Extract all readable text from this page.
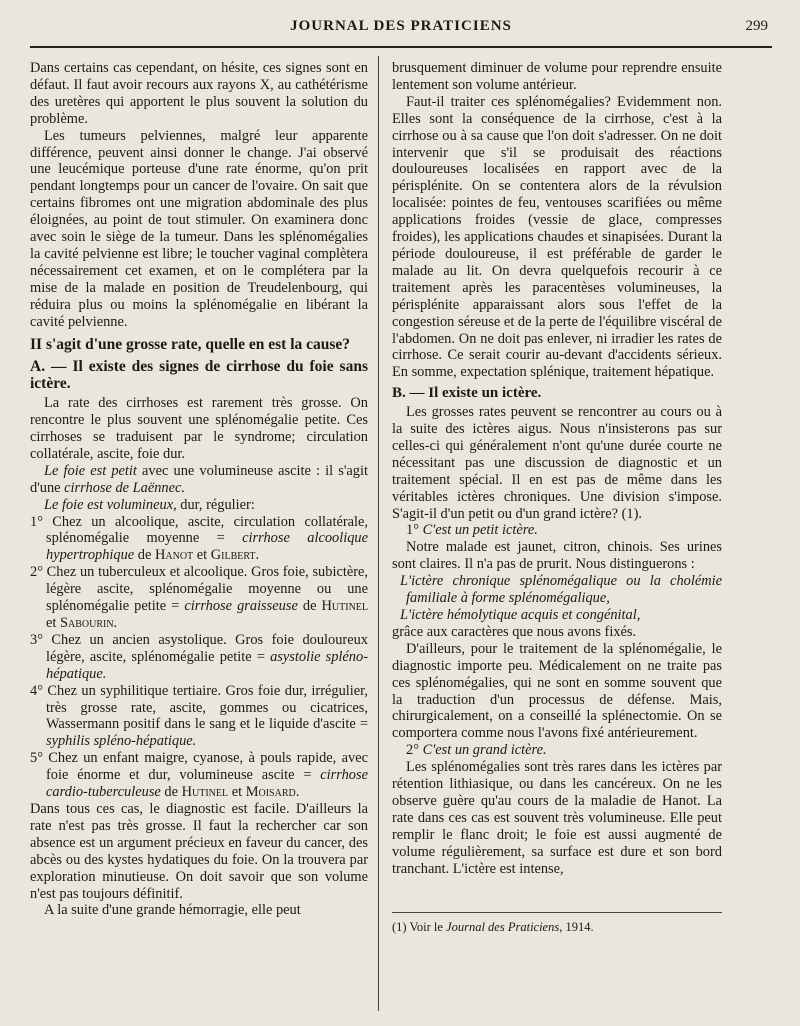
JOURNAL DES PRATICIENS	299

Dans certains cas cependant, on hésite, ces signes sont en défaut. Il faut avoir recours aux rayons X, au cathétérisme des uretères qui apportent le plus souvent la solution du problème.

Les tumeurs pelviennes, malgré leur apparente différence, peuvent ainsi donner le change. J'ai observé une leucémique porteuse d'une rate énorme, qu'on prit pendant longtemps pour un cancer de l'ovaire. On sait que certains fibromes ont une migration abdominale des plus éloignées, au point de tout stimuler. On examinera donc avec soin le siège de la tumeur. Dans les splénomégalies la cavité pelvienne est libre; le toucher vaginal complètera nécessairement cet examen, et on le complétera par la mise de la malade en position de Treudelenbourg, qui réduira plus ou moins la splénomégalie en libérant la cavité pelvienne.

II s'agit d'une grosse rate, quelle en est la cause?

A. — Il existe des signes de cirrhose du foie sans ictère.

La rate des cirrhoses est rarement très grosse. On rencontre le plus souvent une splénomégalie petite. Ces cirrhoses se traduisent par le syndrome; circulation collatérale, ascite, foie dur.

Le foie est petit avec une volumineuse ascite : il s'agit d'une cirrhose de Laënnec.

Le foie est volumineux, dur, régulier:

1° Chez un alcoolique, ascite, circulation collatérale, splénomégalie moyenne = cirrhose alcoolique hypertrophique de Hanot et Gilbert.

2° Chez un tuberculeux et alcoolique. Gros foie, subictère, légère ascite, splénomégalie moyenne ou une splénomégalie petite = cirrhose graisseuse de Hutinel et Sabourin.

3° Chez un ancien asystolique. Gros foie douloureux légère, ascite, splénomégalie petite = asystolie spléno-hépatique.

4° Chez un syphilitique tertiaire. Gros foie dur, irrégulier, très grosse rate, ascite, gommes ou cicatrices, Wassermann positif dans le sang et le liquide d'ascite = syphilis spléno-hépatique.

5° Chez un enfant maigre, cyanose, à pouls rapide, avec foie énorme et dur, volumineuse ascite = cirrhose cardio-tuberculeuse de Hutinel et Moisard.

Dans tous ces cas, le diagnostic est facile. D'ailleurs la rate n'est pas très grosse. Il faut la rechercher car son absence est un argument précieux en faveur du cancer, des abcès ou des kystes hydatiques du foie. On la trouvera par exploration minutieuse. On doit savoir que son volume n'est pas toujours définitif.

A la suite d'une grande hémorragie, elle peut

brusquement diminuer de volume pour reprendre ensuite lentement son volume antérieur.

Faut-il traiter ces splénomégalies? Evidemment non. Elles sont la conséquence de la cirrhose, c'est à la cirrhose ou à sa cause que l'on doit s'adresser. On ne doit intervenir que s'il se produisait des réactions douloureuses localisées en rapport avec de la périsplénite. On se contentera alors de la révulsion localisée: pointes de feu, ventouses scarifiées ou même applications froides (vessie de glace, compresses froides), les applications chaudes et sinapisées. Durant la période douloureuse, il est préférable de garder le malade au lit. On devra quelquefois recourir à ce traitement après les paracentèses volumineuses, la périsplénite apparaissant alors sous l'effet de la congestion séreuse et de la perte de l'équilibre viscéral de l'abdomen. On ne doit pas enlever, ni irradier les rates de cirrhose. Ce serait courir au-devant d'accidents sérieux. En somme, expectation splénique, traitement hépatique.

B. — Il existe un ictère.

Les grosses rates peuvent se rencontrer au cours ou à la suite des ictères aigus. Nous n'insisterons pas sur celles-ci qui généralement n'ont qu'une durée courte ne nécessitant pas une discussion de diagnostic et un traitement spécial. Il en est pas de même dans les véritables ictères chroniques. Une division s'impose. S'agit-il d'un petit ou d'un grand ictère? (1).

1° C'est un petit ictère.

Notre malade est jaunet, citron, chinois. Ses urines sont claires. Il n'a pas de prurit. Nous distinguerons :

L'ictère chronique splénomégalique ou la cholémie familiale à forme splénomégalique,

L'ictère hémolytique acquis et congénital,

grâce aux caractères que nous avons fixés.

D'ailleurs, pour le traitement de la splénomégalie, le diagnostic importe peu. Médicalement on ne traite pas ces splénomégalies, qui ne sont en somme souvent que la traduction d'un processus de défense. Mais, chirurgicalement, on a conseillé la splénectomie. On se comportera comme nous l'avons fixé antérieurement.

2° C'est un grand ictère.

Les splénomégalies sont très rares dans les ictères par rétention lithiasique, ou dans les cancéreux. On ne les observe guère qu'au cours de la maladie de Hanot. La rate dans ces cas est souvent très volumineuse. Elle peut remplir le flanc droit; le foie est aussi augmenté de volume régulièrement, sa surface est dure et son bord tranchant. L'ictère est intense,

(1) Voir le Journal des Praticiens, 1914.
